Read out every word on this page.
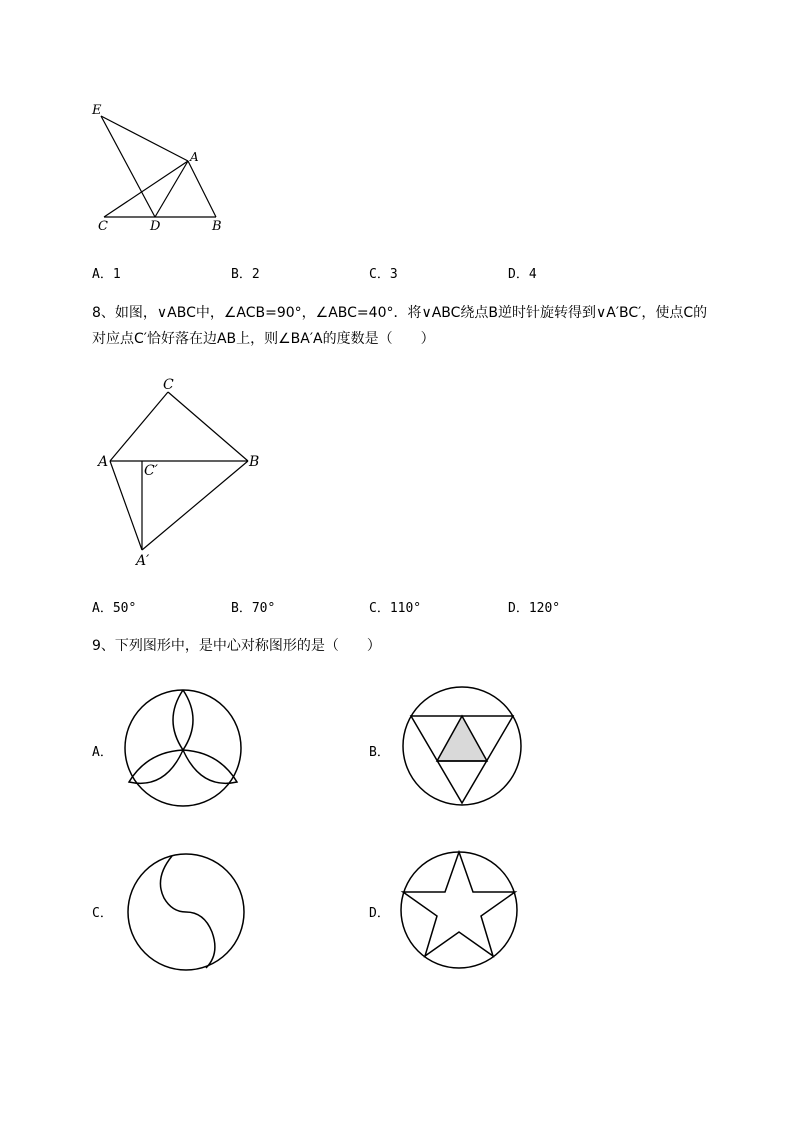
E
A
C	D	B
A．1	B．2	C．3	D．4
8、如图，∨ABC中，∠ACB=90°，∠ABC=40°．将∨ABC绕点B逆时针旋转得到∨A′BC′，使点C的
对应点C′恰好落在边AB上，则∠BA′A的度数是（　　）
C
A	B
C′
A′
A．50°	B．70°	C．110°	D．120°
9、下列图形中，是中心对称图形的是（　　）
A．	B．
C．	D．
